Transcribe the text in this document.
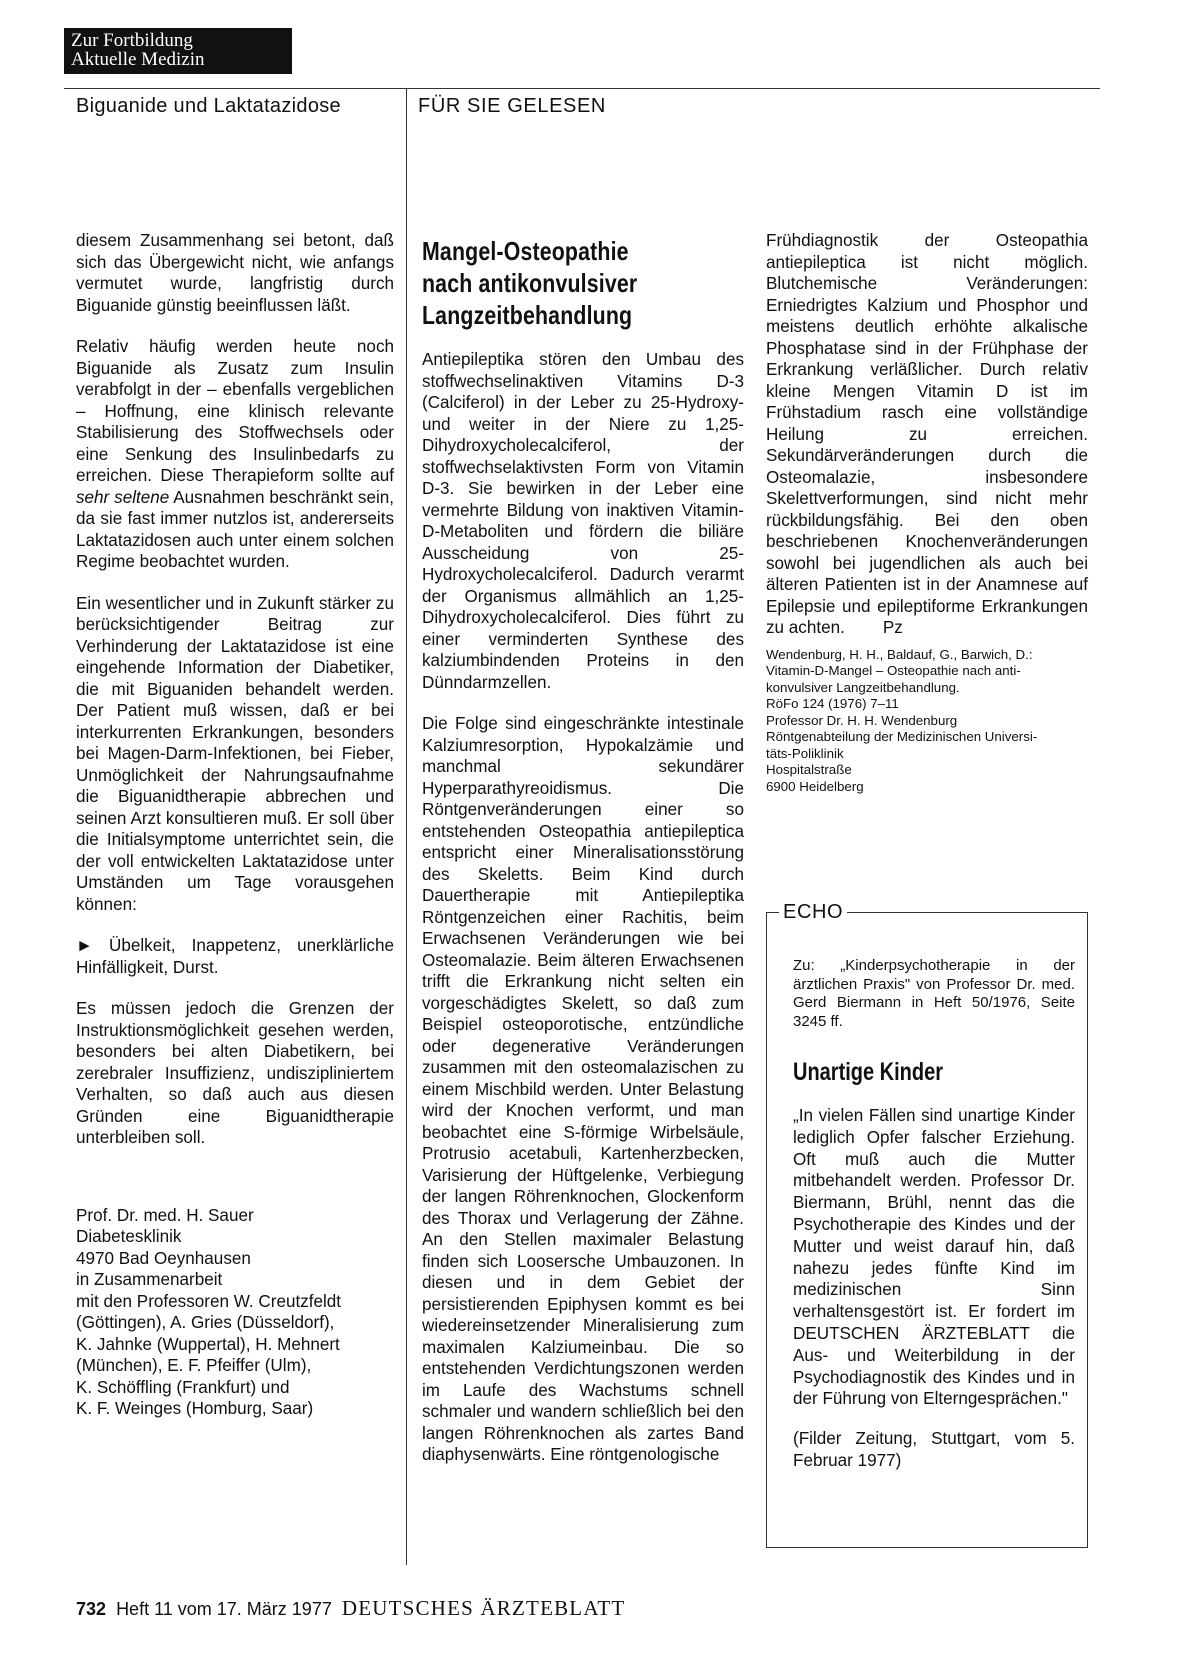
Zur Fortbildung
Aktuelle Medizin
Biguanide und Laktatazidose	FÜR SIE GELESEN

diesem Zusammenhang sei betont, daß sich das Übergewicht nicht, wie anfangs vermutet wurde, langfristig durch Biguanide günstig beeinflussen läßt.

Relativ häufig werden heute noch Biguanide als Zusatz zum Insulin verabfolgt in der – ebenfalls vergeblichen – Hoffnung, eine klinisch relevante Stabilisierung des Stoffwechsels oder eine Senkung des Insulinbedarfs zu erreichen. Diese Therapieform sollte auf sehr seltene Ausnahmen beschränkt sein, da sie fast immer nutzlos ist, andererseits Laktatazidosen auch unter einem solchen Regime beobachtet wurden.

Ein wesentlicher und in Zukunft stärker zu berücksichtigender Beitrag zur Verhinderung der Laktatazidose ist eine eingehende Information der Diabetiker, die mit Biguaniden behandelt werden. Der Patient muß wissen, daß er bei interkurrenten Erkrankungen, besonders bei Magen-Darm-Infektionen, bei Fieber, Unmöglichkeit der Nahrungsaufnahme die Biguanidtherapie abbrechen und seinen Arzt konsultieren muß. Er soll über die Initialsymptome unterrichtet sein, die der voll entwickelten Laktatazidose unter Umständen um Tage vorausgehen können:

► Übelkeit, Inappetenz, unerklärliche Hinfälligkeit, Durst.

Es müssen jedoch die Grenzen der Instruktionsmöglichkeit gesehen werden, besonders bei alten Diabetikern, bei zerebraler Insuffizienz, undiszipliniertem Verhalten, so daß auch aus diesen Gründen eine Biguanidtherapie unterbleiben soll.

Prof. Dr. med. H. Sauer
Diabetesklinik
4970 Bad Oeynhausen
in Zusammenarbeit
mit den Professoren W. Creutzfeldt
(Göttingen), A. Gries (Düsseldorf),
K. Jahnke (Wuppertal), H. Mehnert
(München), E. F. Pfeiffer (Ulm),
K. Schöffling (Frankfurt) und
K. F. Weinges (Homburg, Saar)
Mangel-Osteopathie
nach antikonvulsiver
Langzeitbehandlung

Antiepileptika stören den Umbau des stoffwechselinaktiven Vitamins D-3 (Calciferol) in der Leber zu 25-Hydroxy- und weiter in der Niere zu 1,25-Dihydroxycholecalciferol, der stoffwechselaktivsten Form von Vitamin D-3. Sie bewirken in der Leber eine vermehrte Bildung von inaktiven Vitamin-D-Metaboliten und fördern die biliäre Ausscheidung von 25-Hydroxycholecalciferol. Dadurch verarmt der Organismus allmählich an 1,25-Dihydroxycholecalciferol. Dies führt zu einer verminderten Synthese des kalziumbindenden Proteins in den Dünndarmzellen.

Die Folge sind eingeschränkte intestinale Kalziumresorption, Hypokalzämie und manchmal sekundärer Hyperparathyreoidismus. Die Röntgenveränderungen einer so entstehenden Osteopathia antiepileptica entspricht einer Mineralisationsstörung des Skeletts. Beim Kind durch Dauertherapie mit Antiepileptika Röntgenzeichen einer Rachitis, beim Erwachsenen Veränderungen wie bei Osteomalazie. Beim älteren Erwachsenen trifft die Erkrankung nicht selten ein vorgeschädigtes Skelett, so daß zum Beispiel osteoporotische, entzündliche oder degenerative Veränderungen zusammen mit den osteomalazischen zu einem Mischbild werden. Unter Belastung wird der Knochen verformt, und man beobachtet eine S-förmige Wirbelsäule, Protrusio acetabuli, Kartenherzbecken, Varisierung der Hüftgelenke, Verbiegung der langen Röhrenknochen, Glockenform des Thorax und Verlagerung der Zähne. An den Stellen maximaler Belastung finden sich Loosersche Umbauzonen. In diesen und in dem Gebiet der persistierenden Epiphysen kommt es bei wiedereinsetzender Mineralisierung zum maximalen Kalziumeinbau. Die so entstehenden Verdichtungszonen werden im Laufe des Wachstums schnell schmaler und wandern schließlich bei den langen Röhrenknochen als zartes Band diaphysenwärts. Eine röntgenologische

Frühdiagnostik der Osteopathia antiepileptica ist nicht möglich. Blutchemische Veränderungen: Erniedrigtes Kalzium und Phosphor und meistens deutlich erhöhte alkalische Phosphatase sind in der Frühphase der Erkrankung verläßlicher. Durch relativ kleine Mengen Vitamin D ist im Frühstadium rasch eine vollständige Heilung zu erreichen. Sekundärveränderungen durch die Osteomalazie, insbesondere Skelettverformungen, sind nicht mehr rückbildungsfähig. Bei den oben beschriebenen Knochenveränderungen sowohl bei jugendlichen als auch bei älteren Patienten ist in der Anamnese auf Epilepsie und epileptiforme Erkrankungen zu achten. Pz

Wendenburg, H. H., Baldauf, G., Barwich, D.:
Vitamin-D-Mangel – Osteopathie nach anti-
konvulsiver Langzeitbehandlung.
RöFo 124 (1976) 7–11
Professor Dr. H. H. Wendenburg
Röntgenabteilung der Medizinischen Universi-
täts-Poliklinik
Hospitalstraße
6900 Heidelberg
ECHO
Zu: „Kinderpsychotherapie in der ärztlichen Praxis" von Professor Dr. med. Gerd Biermann in Heft 50/1976, Seite 3245 ff.
Unartige Kinder

„In vielen Fällen sind unartige Kinder lediglich Opfer falscher Erziehung. Oft muß auch die Mutter mitbehandelt werden. Professor Dr. Biermann, Brühl, nennt das die Psychotherapie des Kindes und der Mutter und weist darauf hin, daß nahezu jedes fünfte Kind im medizinischen Sinn verhaltensgestört ist. Er fordert im DEUTSCHEN ÄRZTEBLATT die Aus- und Weiterbildung in der Psychodiagnostik des Kindes und in der Führung von Elterngesprächen."

(Filder Zeitung, Stuttgart, vom 5. Februar 1977)

732 Heft 11 vom 17. März 1977 DEUTSCHES ÄRZTEBLATT
